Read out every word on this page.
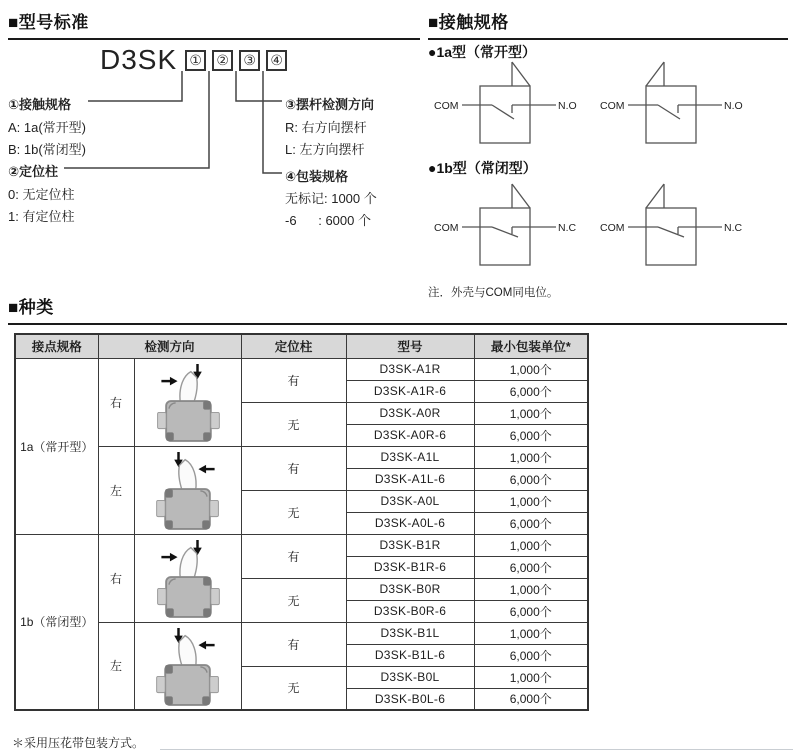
■型号标准
D3SK ①	②	③	④
①接触规格
A: 1a(常开型)
B: 1b(常闭型)
②定位柱
0: 无定位柱
1: 有定位柱
③摆杆检测方向
R: 右方向摆杆
L: 左方向摆杆
④包装规格
无标记: 1000 个
-6      : 6000 个
■接触规格
●1a型（常开型）
COM	N.O COM	N.O
●1b型（常闭型）
COM	N.C COM	N.C
注．外壳与COM同电位。
■种类
接点规格	检测方向		定位柱	型号	最小包装单位*
1a（常开型）	右		有	D3SK-A1R	1,000个
				D3SK-A1R-6	6,000个
			无	D3SK-A0R	1,000个
				D3SK-A0R-6	6,000个
	左		有	D3SK-A1L	1,000个
				D3SK-A1L-6	6,000个
			无	D3SK-A0L	1,000个
				D3SK-A0L-6	6,000个
1b（常闭型）	右		有	D3SK-B1R	1,000个
				D3SK-B1R-6	6,000个
			无	D3SK-B0R	1,000个
				D3SK-B0R-6	6,000个
	左		有	D3SK-B1L	1,000个
				D3SK-B1L-6	6,000个
			无	D3SK-B0L	1,000个
				D3SK-B0L-6	6,000个
＊采用压花带包装方式。
